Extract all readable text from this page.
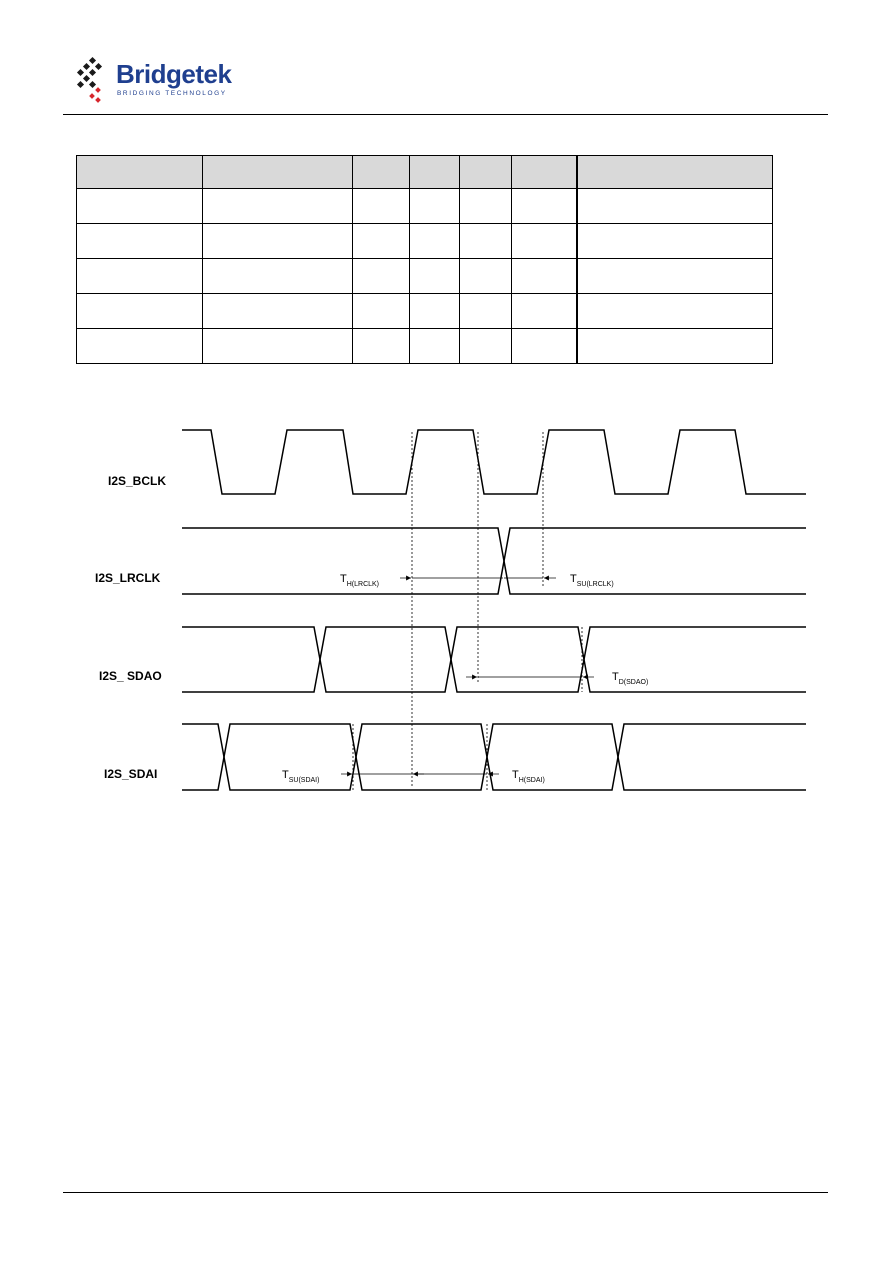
Bridgetek
BRIDGING TECHNOLOGY

I2S_BCLK
I2S_LRCLK
I2S_ SDAO
I2S_SDAI
$T_{H(LRCLK)}$	$T_{SU(LRCLK)}$
$T_{D(SDAO)}$
$T_{SU(SDAI)}$	$T_{H(SDAI)}$
